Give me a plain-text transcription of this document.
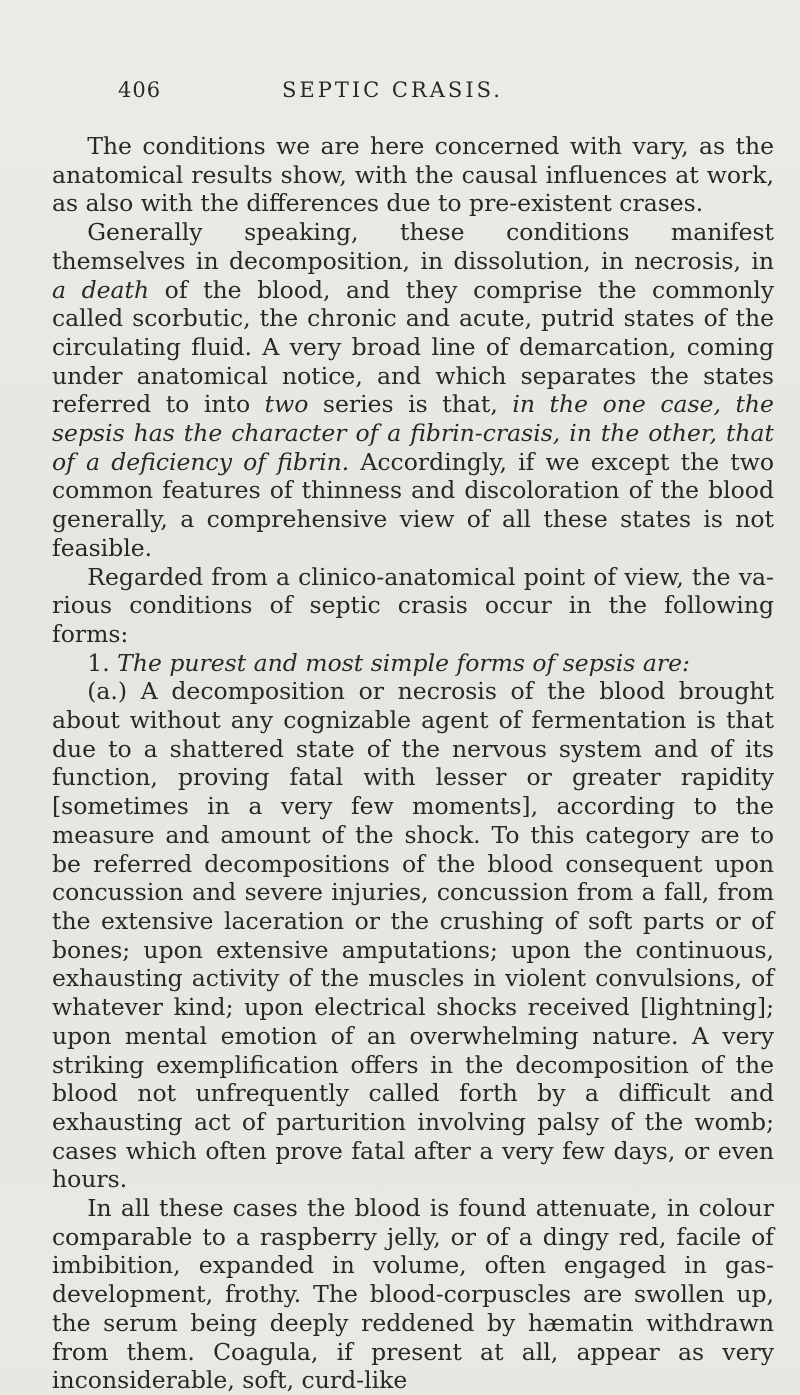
406	SEPTIC CRASIS.

The conditions we are here concerned with vary, as the anatomical results show, with the causal influences at work, as also with the differences due to pre-existent crases.

Generally speaking, these conditions manifest themselves in decomposition, in dissolution, in necrosis, in a death of the blood, and they comprise the commonly called scorbutic, the chronic and acute, putrid states of the circulating fluid. A very broad line of demarcation, coming under anatomical notice, and which separates the states referred to into two series is that, in the one case, the sepsis has the character of a fibrin-crasis, in the other, that of a deficiency of fibrin. Accordingly, if we except the two common features of thinness and discoloration of the blood generally, a comprehensive view of all these states is not feasible.

Regarded from a clinico-anatomical point of view, the various conditions of septic crasis occur in the following forms:

1. The purest and most simple forms of sepsis are:

(a.) A decomposition or necrosis of the blood brought about without any cognizable agent of fermentation is that due to a shattered state of the nervous system and of its function, proving fatal with lesser or greater rapidity [sometimes in a very few moments], according to the measure and amount of the shock. To this category are to be referred decompositions of the blood consequent upon concussion and severe injuries, concussion from a fall, from the extensive laceration or the crushing of soft parts or of bones; upon extensive amputations; upon the continuous, exhausting activity of the muscles in violent convulsions, of whatever kind; upon electrical shocks received [lightning]; upon mental emotion of an overwhelming nature. A very striking exemplification offers in the decomposition of the blood not unfrequently called forth by a difficult and exhausting act of parturition involving palsy of the womb; cases which often prove fatal after a very few days, or even hours.

In all these cases the blood is found attenuate, in colour comparable to a raspberry jelly, or of a dingy red, facile of imbibition, expanded in volume, often engaged in gas-development, frothy. The blood-corpuscles are swollen up, the serum being deeply reddened by hæmatin withdrawn from them. Coagula, if present at all, appear as very inconsiderable, soft, curd-like
